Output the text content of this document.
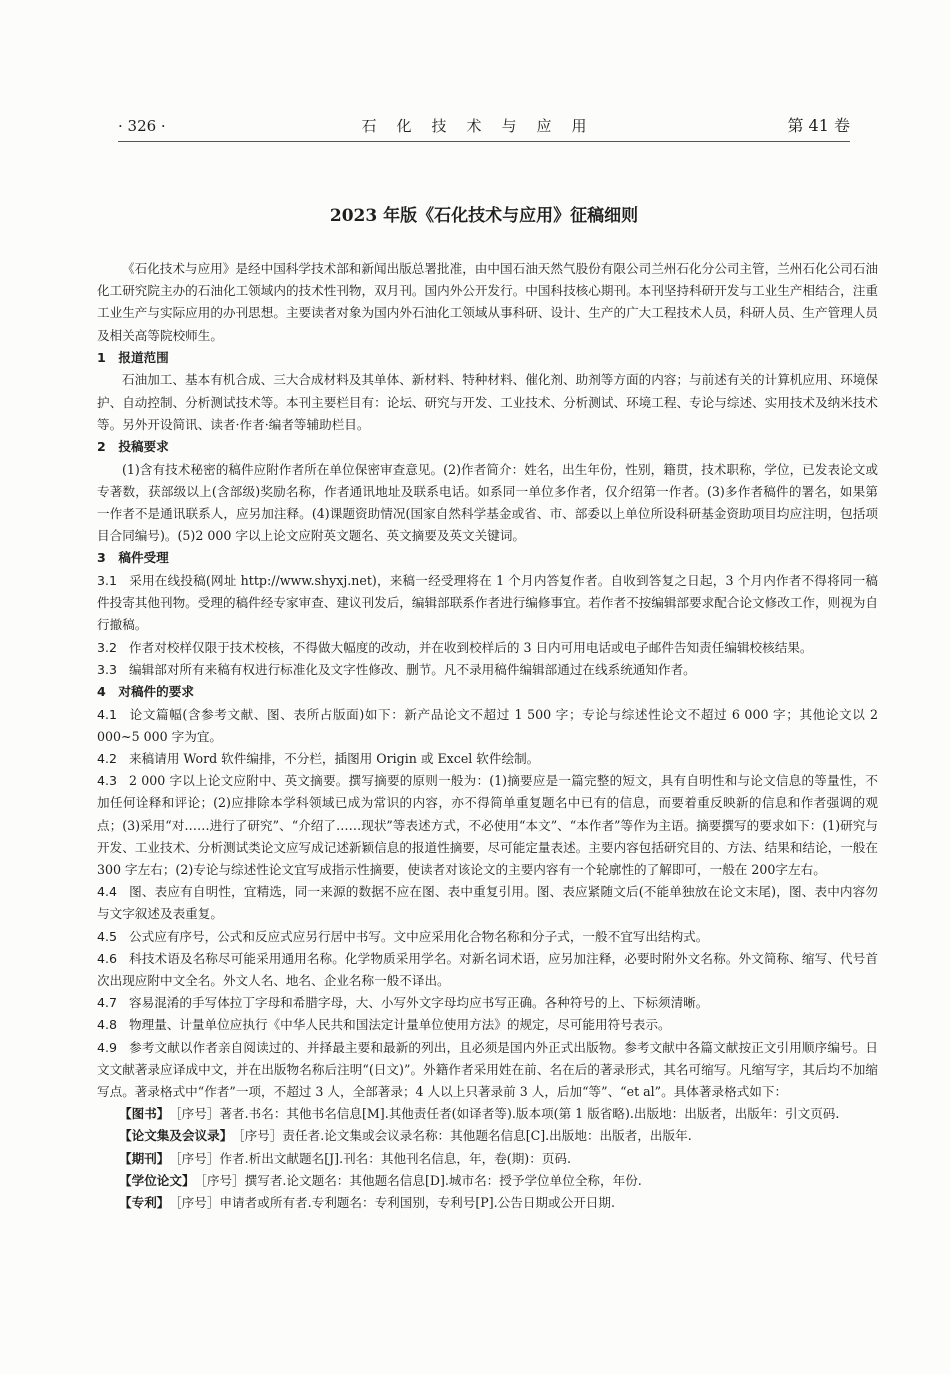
· 326 ·	石化技术与应用	第 41 卷
2023 年版《石化技术与应用》征稿细则

《石化技术与应用》是经中国科学技术部和新闻出版总署批准，由中国石油天然气股份有限公司兰州石化分公司主管，兰州石化公司石油化工研究院主办的石油化工领域内的技术性刊物，双月刊。国内外公开发行。中国科技核心期刊。本刊坚持科研开发与工业生产相结合，注重工业生产与实际应用的办刊思想。主要读者对象为国内外石油化工领域从事科研、设计、生产的广大工程技术人员，科研人员、生产管理人员及相关高等院校师生。

1　报道范围

石油加工、基本有机合成、三大合成材料及其单体、新材料、特种材料、催化剂、助剂等方面的内容；与前述有关的计算机应用、环境保护、自动控制、分析测试技术等。本刊主要栏目有：论坛、研究与开发、工业技术、分析测试、环境工程、专论与综述、实用技术及纳米技术等。另外开设简讯、读者·作者·编者等辅助栏目。

2　投稿要求

(1)含有技术秘密的稿件应附作者所在单位保密审查意见。(2)作者简介：姓名，出生年份，性别，籍贯，技术职称，学位，已发表论文或专著数，获部级以上(含部级)奖励名称，作者通讯地址及联系电话。如系同一单位多作者，仅介绍第一作者。(3)多作者稿件的署名，如果第一作者不是通讯联系人，应另加注释。(4)课题资助情况(国家自然科学基金或省、市、部委以上单位所设科研基金资助项目均应注明，包括项目合同编号)。(5)2 000 字以上论文应附英文题名、英文摘要及英文关键词。

3　稿件受理

3.1 采用在线投稿(网址 http://www.shyxj.net)，来稿一经受理将在 1 个月内答复作者。自收到答复之日起，3 个月内作者不得将同一稿件投寄其他刊物。受理的稿件经专家审查、建议刊发后，编辑部联系作者进行编修事宜。若作者不按编辑部要求配合论文修改工作，则视为自行撤稿。

3.2 作者对校样仅限于技术校核，不得做大幅度的改动，并在收到校样后的 3 日内可用电话或电子邮件告知责任编辑校核结果。

3.3 编辑部对所有来稿有权进行标准化及文字性修改、删节。凡不录用稿件编辑部通过在线系统通知作者。

4　对稿件的要求

4.1 论文篇幅(含参考文献、图、表所占版面)如下：新产品论文不超过 1 500 字；专论与综述性论文不超过 6 000 字；其他论文以 2 000~5 000 字为宜。

4.2 来稿请用 Word 软件编排，不分栏，插图用 Origin 或 Excel 软件绘制。

4.3 2 000 字以上论文应附中、英文摘要。撰写摘要的原则一般为：(1)摘要应是一篇完整的短文，具有自明性和与论文信息的等量性，不加任何诠释和评论；(2)应排除本学科领域已成为常识的内容，亦不得简单重复题名中已有的信息，而要着重反映新的信息和作者强调的观点；(3)采用“对……进行了研究”、“介绍了……现状”等表述方式，不必使用“本文”、“本作者”等作为主语。摘要撰写的要求如下：(1)研究与开发、工业技术、分析测试类论文应写成记述新颖信息的报道性摘要，尽可能定量表述。主要内容包括研究目的、方法、结果和结论，一般在 300 字左右；(2)专论与综述性论文宜写成指示性摘要，使读者对该论文的主要内容有一个轮廓性的了解即可，一般在 200字左右。

4.4 图、表应有自明性，宜精选，同一来源的数据不应在图、表中重复引用。图、表应紧随文后(不能单独放在论文末尾)，图、表中内容勿与文字叙述及表重复。

4.5 公式应有序号，公式和反应式应另行居中书写。文中应采用化合物名称和分子式，一般不宜写出结构式。

4.6 科技术语及名称尽可能采用通用名称。化学物质采用学名。对新名词术语，应另加注释，必要时附外文名称。外文简称、缩写、代号首次出现应附中文全名。外文人名、地名、企业名称一般不译出。

4.7 容易混淆的手写体拉丁字母和希腊字母，大、小写外文字母均应书写正确。各种符号的上、下标须清晰。

4.8 物理量、计量单位应执行《中华人民共和国法定计量单位使用方法》的规定，尽可能用符号表示。

4.9 参考文献以作者亲自阅读过的、并择最主要和最新的列出，且必须是国内外正式出版物。参考文献中各篇文献按正文引用顺序编号。日文文献著录应译成中文，并在出版物名称后注明“(日文)”。外籍作者采用姓在前、名在后的著录形式，其名可缩写。凡缩写字，其后均不加缩写点。著录格式中“作者”一项，不超过 3 人，全部著录；4 人以上只著录前 3 人，后加“等”、“et al”。具体著录格式如下：

【图书】 ［序号］著者.书名：其他书名信息[M].其他责任者(如译者等).版本项(第 1 版省略).出版地：出版者，出版年：引文页码.

【论文集及会议录】 ［序号］责任者.论文集或会议录名称：其他题名信息[C].出版地：出版者，出版年.

【期刊】 ［序号］作者.析出文献题名[J].刊名：其他刊名信息，年，卷(期)：页码.

【学位论文】 ［序号］撰写者.论文题名：其他题名信息[D].城市名：授予学位单位全称，年份.

【专利】 ［序号］申请者或所有者.专利题名：专利国别，专利号[P].公告日期或公开日期.
